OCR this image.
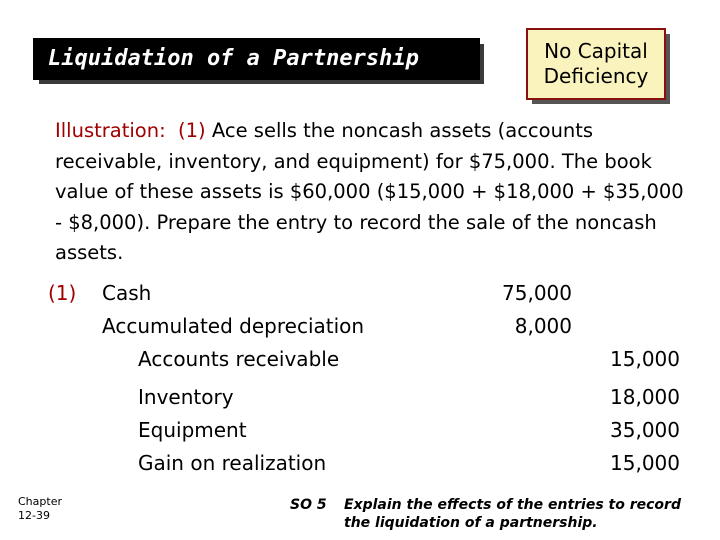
Liquidation of a Partnership	No Capital
Deficiency
Illustration: (1) Ace sells the noncash assets (accounts receivable, inventory, and equipment) for $75,000. The book value of these assets is $60,000 ($15,000 + $18,000 + $35,000 - $8,000). Prepare the entry to record the sale of the noncash assets.
(1) Cash	75,000
Accumulated depreciation	8,000
Accounts receivable	15,000
Inventory	18,000
Equipment	35,000
Gain on realization	15,000
Chapter
12-39
SO 5	Explain the effects of the entries to record the liquidation of a partnership.
